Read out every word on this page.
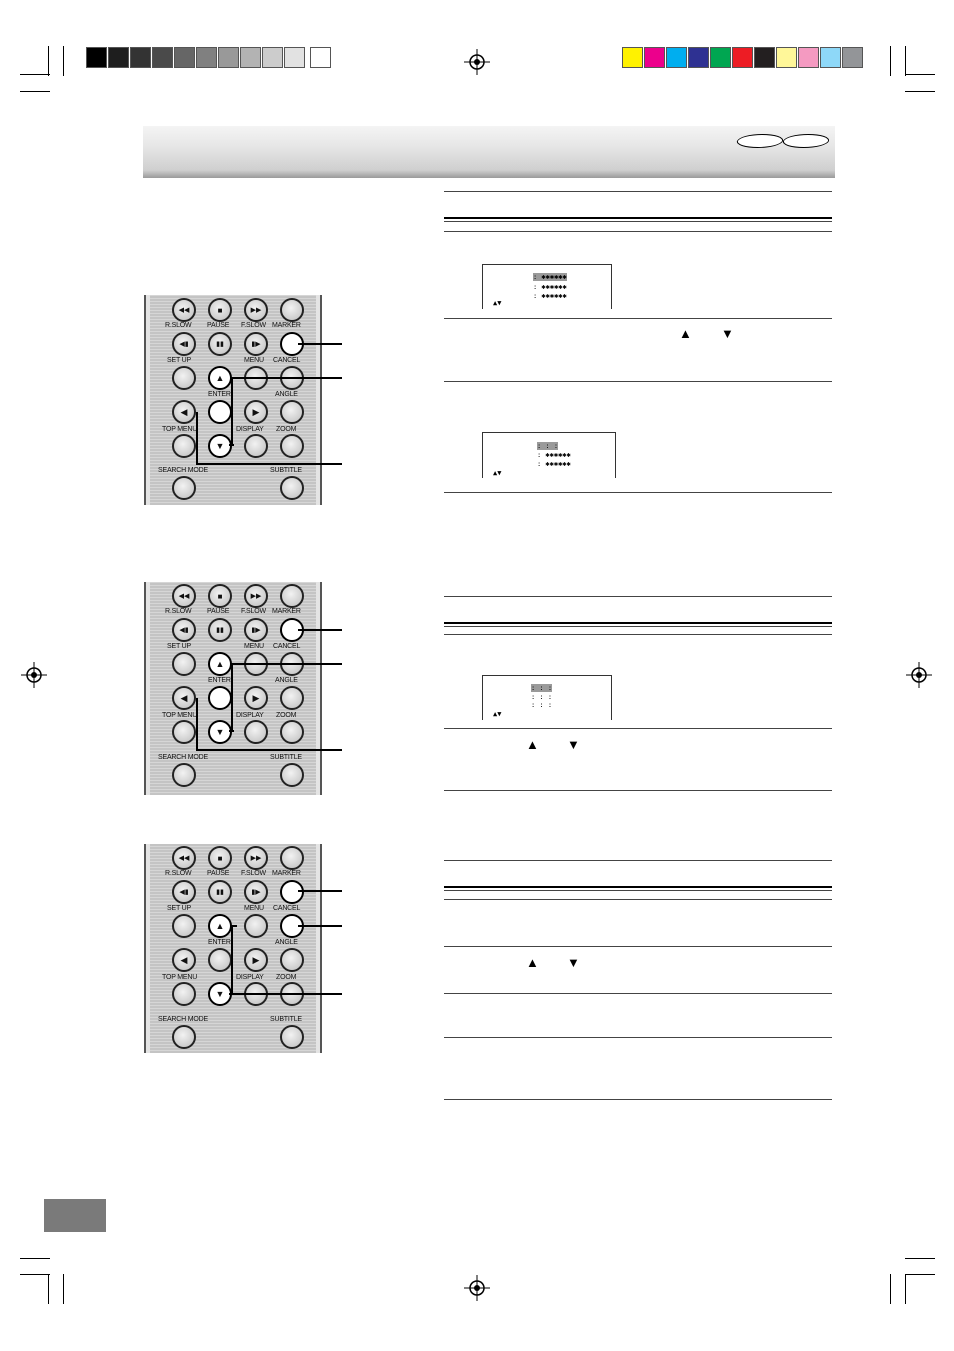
◀◀	■	▶▶
R.SLOW PAUSE F.SLOW MARKER
◀▮	▮▮	▮▶
SET UP	MENU CANCEL
▲
ENTER	ANGLE
◀	▶
TOP MENU	DISPLAY ZOOM
▼
SEARCH MODE	SUBTITLE
◀◀	■	▶▶
R.SLOW PAUSE F.SLOW MARKER
◀▮	▮▮	▮▶
SET UP	MENU CANCEL
▲
ENTER	ANGLE
◀	▶
TOP MENU	DISPLAY ZOOM
▼
SEARCH MODE	SUBTITLE
◀◀	■	▶▶
R.SLOW PAUSE F.SLOW MARKER
◀▮	▮▮	▮▶
SET UP	MENU CANCEL
▲
ENTER	ANGLE
◀	▶
TOP MENU	DISPLAY ZOOM
▼
SEARCH MODE	SUBTITLE
: ✱✱✱✱✱✱
: ✱✱✱✱✱✱
: ✱✱✱✱✱✱
▲▼
: : :
: ✱✱✱✱✱✱
: ✱✱✱✱✱✱
▲▼
: : :
: : :
: : :
▲▼
▲ ▼
▲ ▼
▲ ▼
